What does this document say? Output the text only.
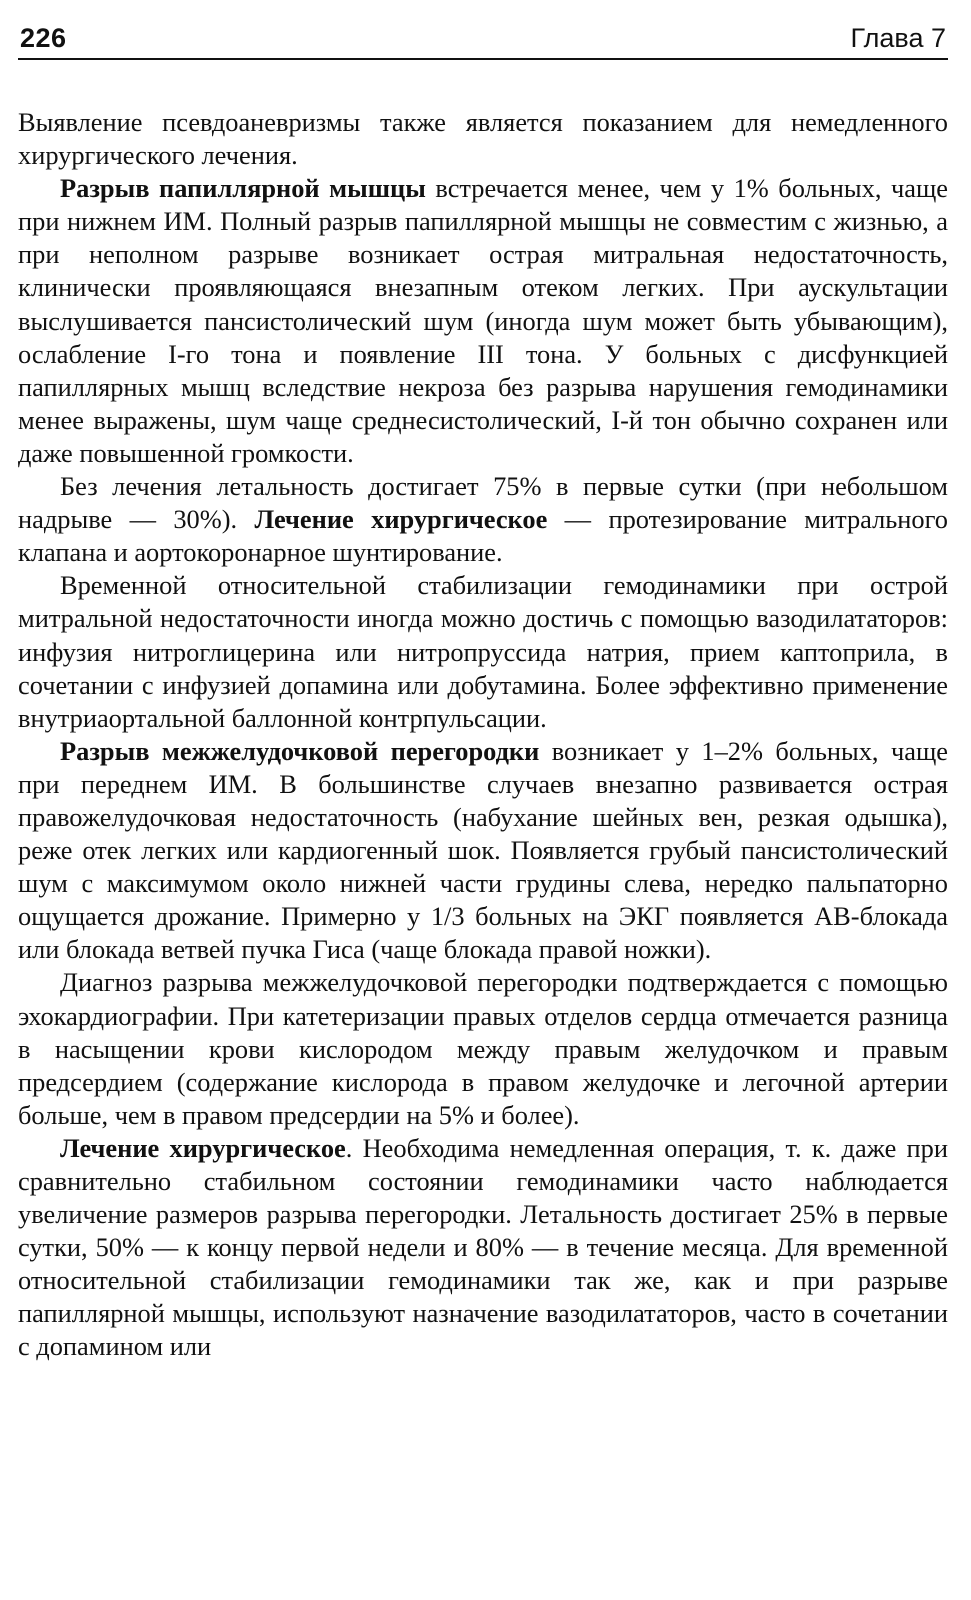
226	Глава 7

Выявление псевдоаневризмы также является показанием для немедленного хирургического лечения.

Разрыв папиллярной мышцы встречается менее, чем у 1% больных, чаще при нижнем ИМ. Полный разрыв папиллярной мышцы не совместим с жизнью, а при неполном разрыве возникает острая митральная недостаточность, клинически проявляющаяся внезапным отеком легких. При аускультации выслушивается пансистолический шум (иногда шум может быть убывающим), ослабление I-го тона и появление III тона. У больных с дисфункцией папиллярных мышц вследствие некроза без разрыва нарушения гемодинамики менее выражены, шум чаще среднесистолический, I-й тон обычно сохранен или даже повышенной громкости.

Без лечения летальность достигает 75% в первые сутки (при небольшом надрыве — 30%). Лечение хирургическое — протезирование митрального клапана и аортокоронарное шунтирование.

Временной относительной стабилизации гемодинамики при острой митральной недостаточности иногда можно достичь с помощью вазодилататоров: инфузия нитроглицерина или нитропруссида натрия, прием каптоприла, в сочетании с инфузией допамина или добутамина. Более эффективно применение внутриаортальной баллонной контрпульсации.

Разрыв межжелудочковой перегородки возникает у 1–2% больных, чаще при переднем ИМ. В большинстве случаев внезапно развивается острая правожелудочковая недостаточность (набухание шейных вен, резкая одышка), реже отек легких или кардиогенный шок. Появляется грубый пансистолический шум с максимумом около нижней части грудины слева, нередко пальпаторно ощущается дрожание. Примерно у 1/3 больных на ЭКГ появляется АВ-блокада или блокада ветвей пучка Гиса (чаще блокада правой ножки).

Диагноз разрыва межжелудочковой перегородки подтверждается с помощью эхокардиографии. При катетеризации правых отделов сердца отмечается разница в насыщении крови кислородом между правым желудочком и правым предсердием (содержание кислорода в правом желудочке и легочной артерии больше, чем в правом предсердии на 5% и более).

Лечение хирургическое. Необходима немедленная операция, т. к. даже при сравнительно стабильном состоянии гемодинамики часто наблюдается увеличение размеров разрыва перегородки. Летальность достигает 25% в первые сутки, 50% — к концу первой недели и 80% — в течение месяца. Для временной относительной стабилизации гемодинамики так же, как и при разрыве папиллярной мышцы, используют назначение вазодилататоров, часто в сочетании с допамином или
